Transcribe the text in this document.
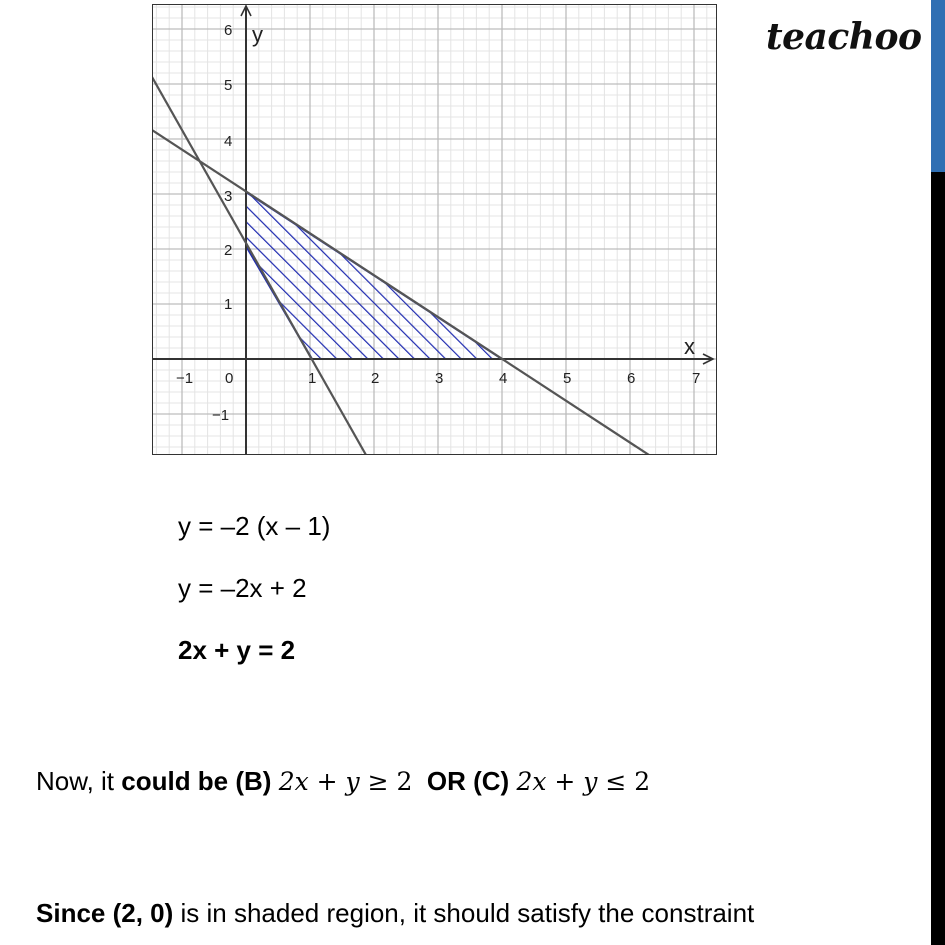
x
y
−1 0	1	2	3	4	5	6	7
−1
1
2
3
4
5
6	teachoo
y = –2 (x – 1)
y = –2x + 2
2x + y = 2
Now, it could be (B) 2x + y ≥ 2 OR (C) 2x + y ≤ 2
Since (2, 0) is in shaded region, it should satisfy the constraint
